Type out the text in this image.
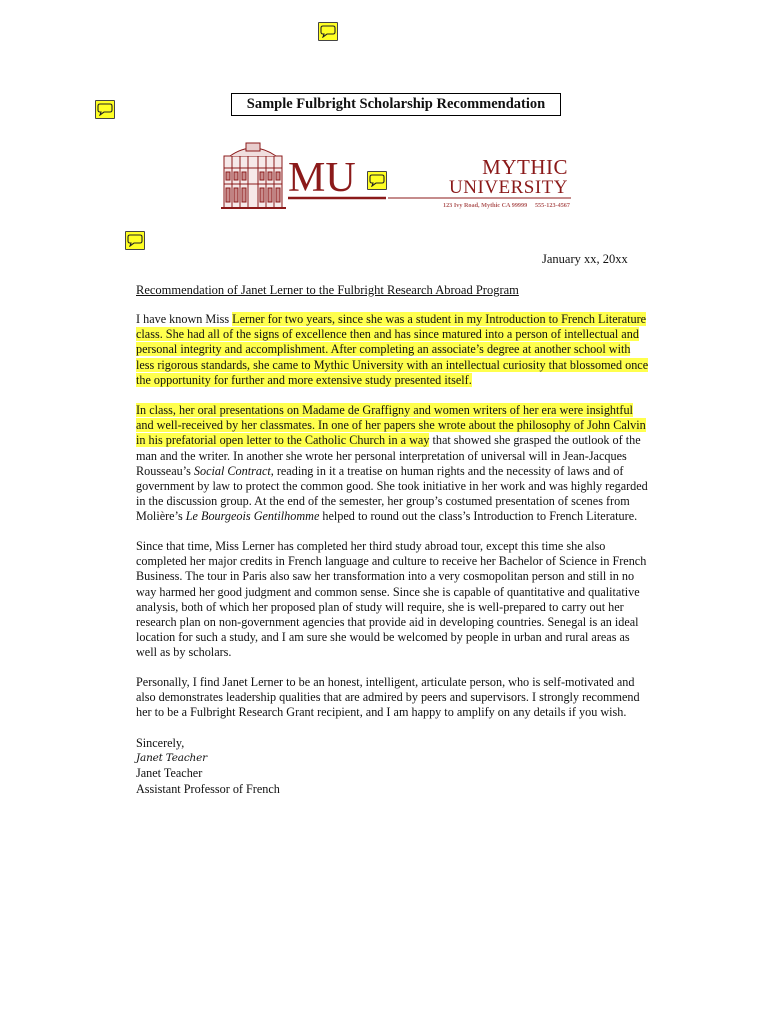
Sample Fulbright Scholarship Recommendation
MU	MYTHIC
UNIVERSITY
123 Ivy Road, Mythic CA 99999     555-123-4567
January xx, 20xx
Recommendation of Janet Lerner to the Fulbright Research Abroad Program

I have known Miss Lerner for two years, since she was a student in my Introduction to French Literature
class. She had all of the signs of excellence then and has since matured into a person of intellectual and
personal integrity and accomplishment. After completing an associate’s degree at another school with
less rigorous standards, she came to Mythic University with an intellectual curiosity that blossomed once
the opportunity for further and more extensive study presented itself.

In class, her oral presentations on Madame de Graffigny and women writers of her era were insightful
and well-received by her classmates. In one of her papers she wrote about the philosophy of John Calvin
in his prefatorial open letter to the Catholic Church in a way that showed she grasped the outlook of the
man and the writer. In another she wrote her personal interpretation of universal will in Jean-Jacques
Rousseau’s Social Contract, reading in it a treatise on human rights and the necessity of laws and of
government by law to protect the common good. She took initiative in her work and was highly regarded
in the discussion group. At the end of the semester, her group’s costumed presentation of scenes from
Molière’s Le Bourgeois Gentilhomme helped to round out the class’s Introduction to French Literature.

Since that time, Miss Lerner has completed her third study abroad tour, except this time she also
completed her major credits in French language and culture to receive her Bachelor of Science in French
Business. The tour in Paris also saw her transformation into a very cosmopolitan person and still in no
way harmed her good judgment and common sense. Since she is capable of quantitative and qualitative
analysis, both of which her proposed plan of study will require, she is well-prepared to carry out her
research plan on non-government agencies that provide aid in developing countries. Senegal is an ideal
location for such a study, and I am sure she would be welcomed by people in urban and rural areas as
well as by scholars.

Personally, I find Janet Lerner to be an honest, intelligent, articulate person, who is self-motivated and
also demonstrates leadership qualities that are admired by peers and supervisors. I strongly recommend
her to be a Fulbright Research Grant recipient, and I am happy to amplify on any details if you wish.

Sincerely,
Janet Teacher
Janet Teacher
Assistant Professor of French
